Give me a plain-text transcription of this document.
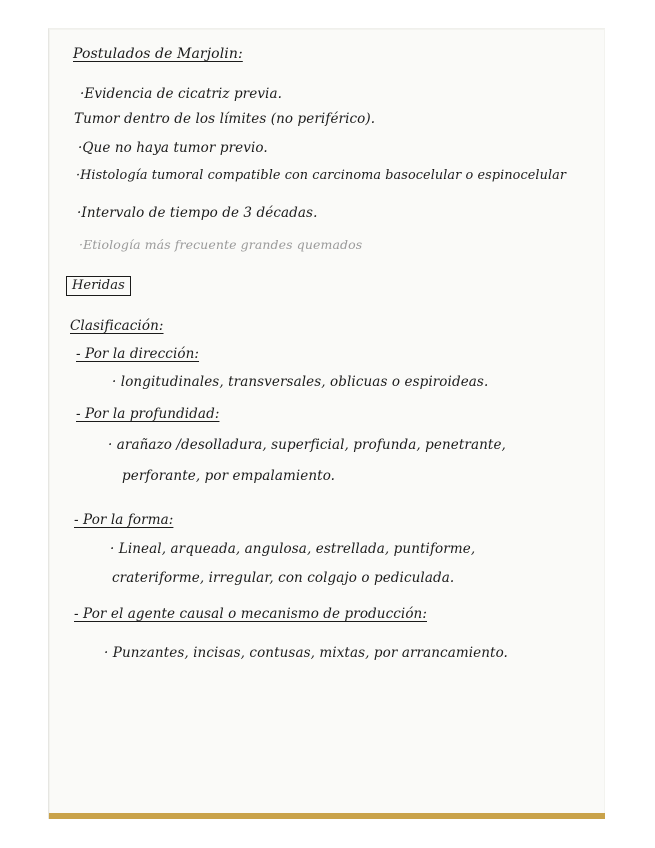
Postulados de Marjolin:
·Evidencia de cicatriz previa.
Tumor dentro de los límites (no periférico).
·Que no haya tumor previo.
·Histología tumoral compatible con carcinoma basocelular o espinocelular
·Intervalo de tiempo de 3 décadas.
·Etiología más frecuente grandes quemados
Heridas
Clasificación:
- Por la dirección:
· longitudinales, transversales, oblicuas o espiroideas.
- Por la profundidad:
· arañazo /desolladura, superficial, profunda, penetrante,
perforante, por empalamiento.
- Por la forma:
· Lineal, arqueada, angulosa, estrellada, puntiforme,
crateriforme, irregular, con colgajo o pediculada.
- Por el agente causal o mecanismo de producción:
· Punzantes, incisas, contusas, mixtas, por arrancamiento.
